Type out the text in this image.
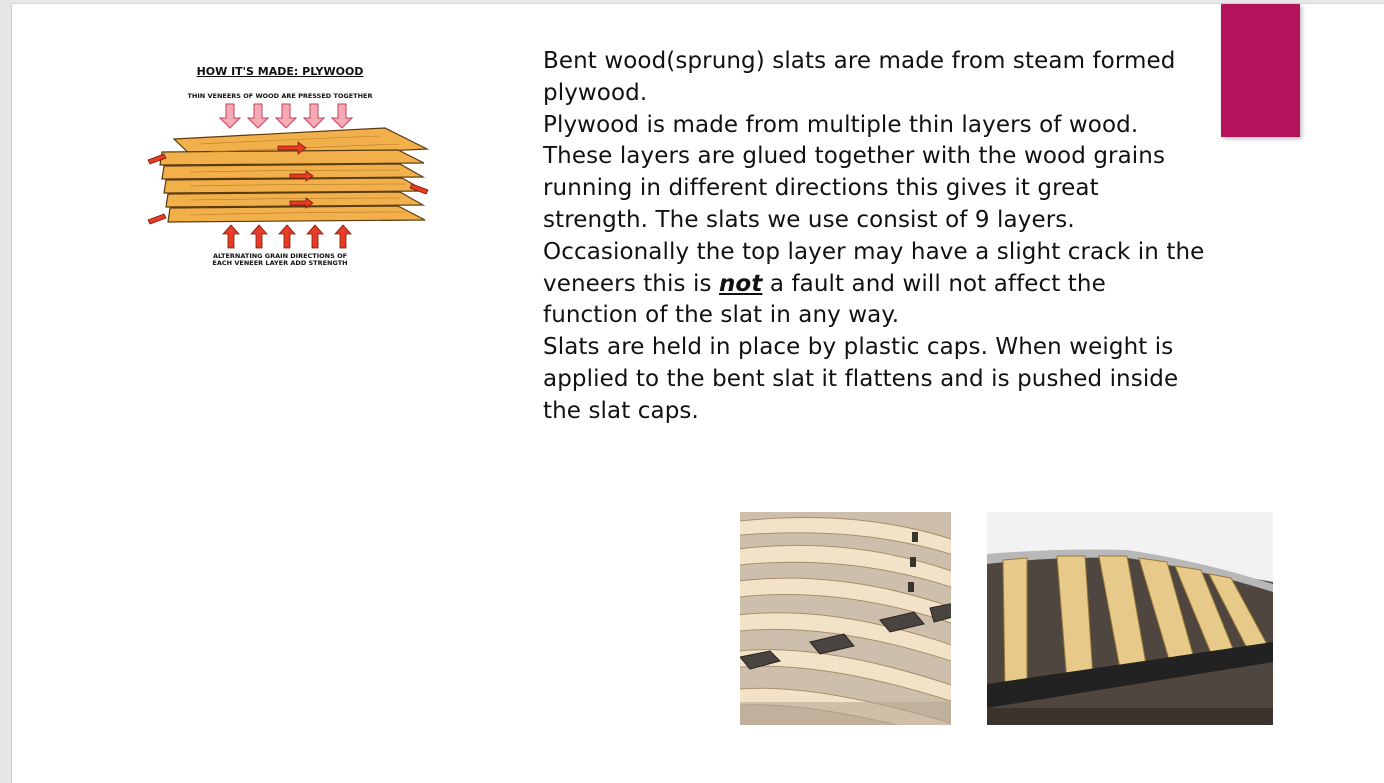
HOW IT'S MADE: PLYWOOD
THIN VENEERS OF WOOD ARE PRESSED TOGETHER
ALTERNATING GRAIN DIRECTIONS OF
EACH VENEER LAYER ADD STRENGTH

Bent wood(sprung) slats are made from steam formed plywood.

Plywood is made from multiple thin layers of wood. These layers are glued together with the wood grains running in different directions this gives it great strength. The slats we use consist of 9 layers. Occasionally the top layer may have a slight crack in the veneers this is not a fault and will not affect the function of the slat in any way.

Slats are held in place by plastic caps. When weight is applied to the bent slat it flattens and is pushed inside the slat caps.
